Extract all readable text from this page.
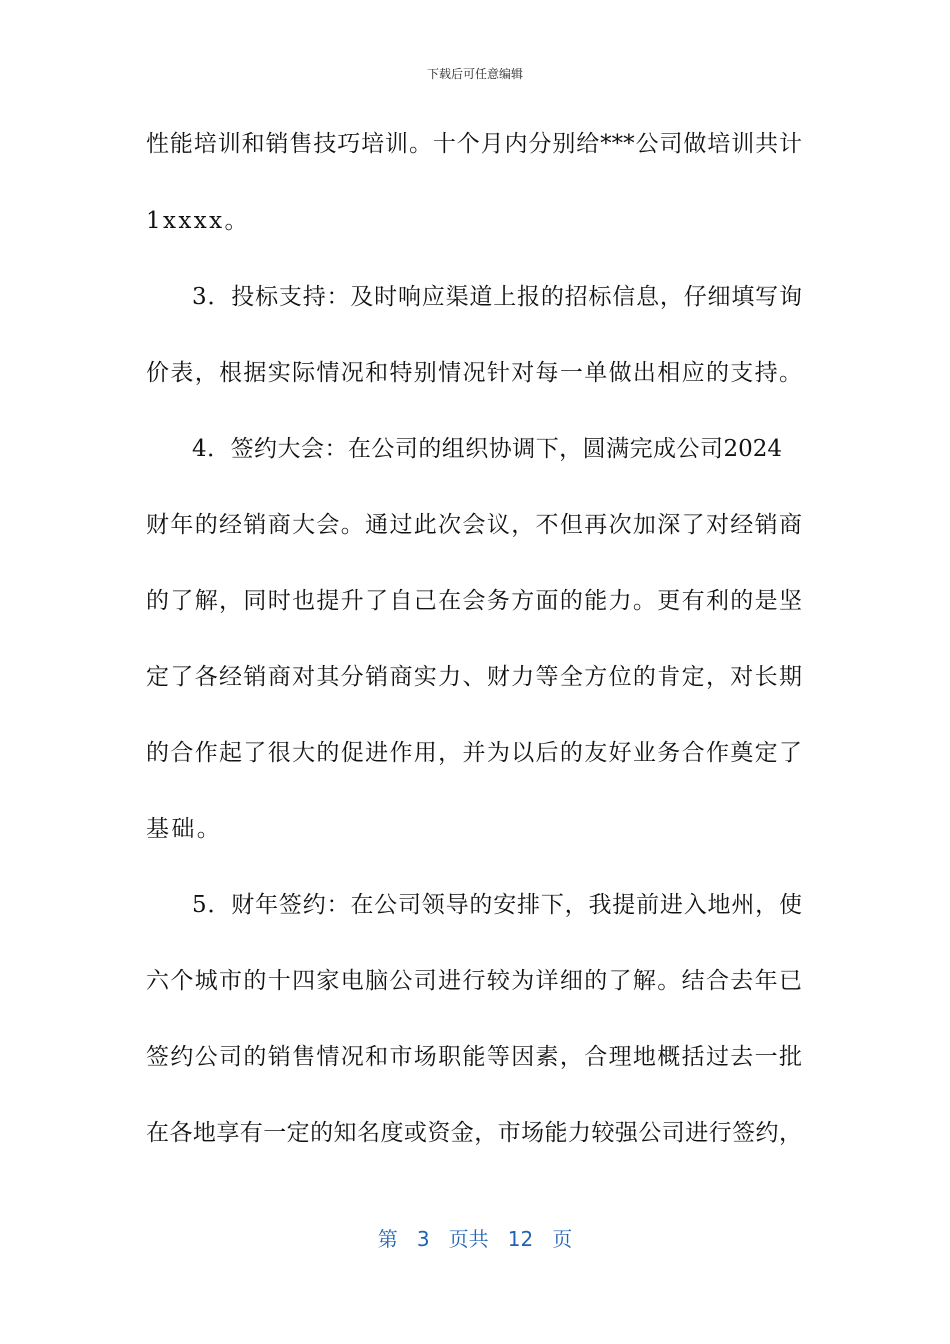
下载后可任意编辑
性能培训和销售技巧培训。十个月内分别给***公司做培训共计
1xxxx。
3．投标支持：及时响应渠道上报的招标信息，仔细填写询
价表，根据实际情况和特别情况针对每一单做出相应的支持。
4．签约大会：在公司的组织协调下，圆满完成公司2024
财年的经销商大会。通过此次会议，不但再次加深了对经销商
的了解，同时也提升了自己在会务方面的能力。更有利的是坚
定了各经销商对其分销商实力、财力等全方位的肯定，对长期
的合作起了很大的促进作用，并为以后的友好业务合作奠定了
基础。
5．财年签约：在公司领导的安排下，我提前进入地州，使
六个城市的十四家电脑公司进行较为详细的了解。结合去年已
签约公司的销售情况和市场职能等因素，合理地概括过去一批
在各地享有一定的知名度或资金，市场能力较强公司进行签约，
第 3 页共 12 页
